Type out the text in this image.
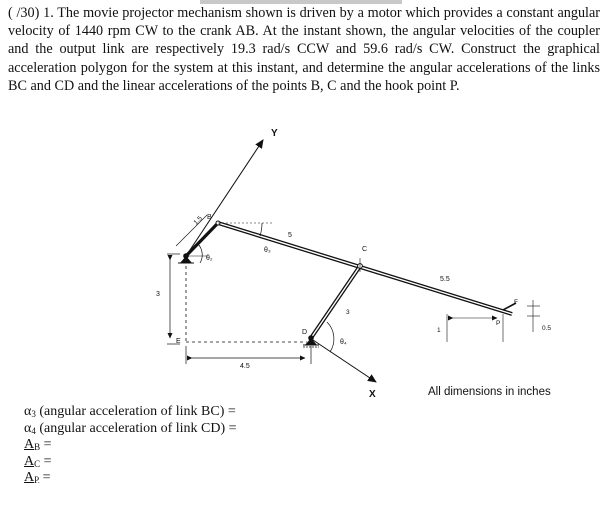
( /30) 1. The movie projector mechanism shown is driven by a motor which provides a constant angular velocity of 1440 rpm CW to the crank AB. At the instant shown, the angular velocities of the coupler and the output link are respectively 19.3 rad/s CCW and 59.6 rad/s CW. Construct the graphical acceleration polygon for the system at this instant, and determine the angular accelerations of the links BC and CD and the linear accelerations of the points B, C and the hook point P.
Y
X
3
E
4.5
1.5 B
θ₂
θ₃
5
C
3
D
θ₄
5.5
P
F
1	0.5
All dimensions in inches
$\alpha_3$ (angular acceleration of link BC) =
$\alpha_4$ (angular acceleration of link CD) =
$A_B$ =
$A_C$ =
$A_P$ =
